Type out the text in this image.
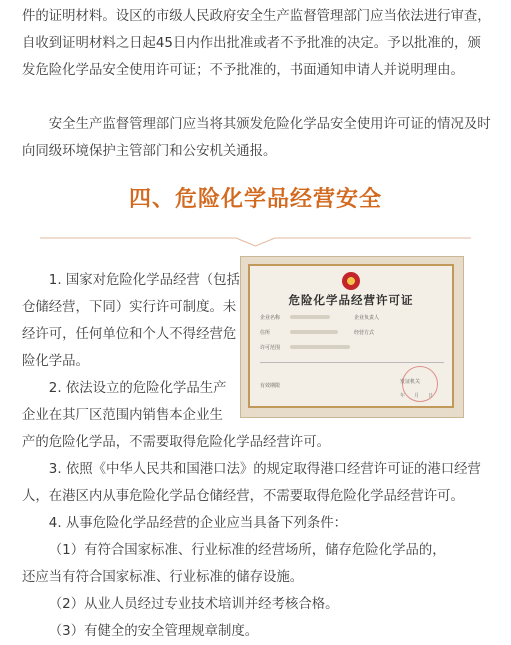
件的证明材料。设区的市级人民政府安全生产监督管理部门应当依法进行审查，自收到证明材料之日起45日内作出批准或者不予批准的决定。予以批准的，颁发危险化学品安全使用许可证；不予批准的，书面通知申请人并说明理由。

安全生产监督管理部门应当将其颁发危险化学品安全使用许可证的情况及时向同级环境保护主管部门和公安机关通报。

四、危险化学品经营安全

1. 国家对危险化学品经营（包括仓储经营，下同）实行许可制度。未经许可，任何单位和个人不得经营危险化学品。

2. 依法设立的危险化学品生产

企业在其厂区范围内销售本企业生

产的危险化学品，不需要取得危险化学品经营许可。

3. 依照《中华人民共和国港口法》的规定取得港口经营许可证的港口经营人，在港区内从事危险化学品仓储经营，不需要取得危险化学品经营许可。

4. 从事危险化学品经营的企业应当具备下列条件：

（1）有符合国家标准、行业标准的经营场所，储存危险化学品的，

还应当有符合国家标准、行业标准的储存设施。

（2）从业人员经过专业技术培训并经考核合格。

（3）有健全的安全管理规章制度。

危险化学品经营许可证
企业名称	企业负责人
住所	经营方式
许可范围
有效期限
发证机关
年 月 日
